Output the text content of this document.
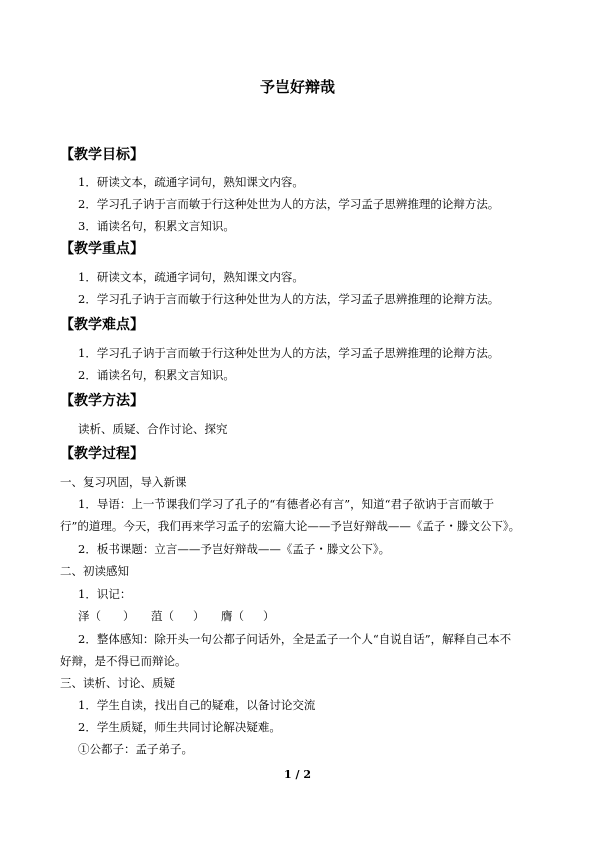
予岂好辩哉
【教学目标】
1．研读文本，疏通字词句，熟知课文内容。
2．学习孔子讷于言而敏于行这种处世为人的方法，学习孟子思辨推理的论辩方法。
3．诵读名句，积累文言知识。
【教学重点】
1．研读文本，疏通字词句，熟知课文内容。
2．学习孔子讷于言而敏于行这种处世为人的方法，学习孟子思辨推理的论辩方法。
【教学难点】
1．学习孔子讷于言而敏于行这种处世为人的方法，学习孟子思辨推理的论辩方法。
2．诵读名句，积累文言知识。
【教学方法】
读析、质疑、合作讨论、探究
【教学过程】
一、复习巩固，导入新课
1．导语：上一节课我们学习了孔子的“有德者必有言”，知道“君子欲讷于言而敏于
行”的道理。今天，我们再来学习孟子的宏篇大论——予岂好辩哉——《孟子・滕文公下》。
2．板书课题：立言——予岂好辩哉——《孟子・滕文公下》。
二、初读感知
1．识记：
泽（ ） 菹（ ） 膺（ ）
2．整体感知：除开头一句公都子问话外，全是孟子一个人“自说自话”，解释自己本不
好辩，是不得已而辩论。
三、读析、讨论、质疑
1．学生自读，找出自己的疑难，以备讨论交流
2．学生质疑，师生共同讨论解决疑难。
①公都子：孟子弟子。
1 / 2
